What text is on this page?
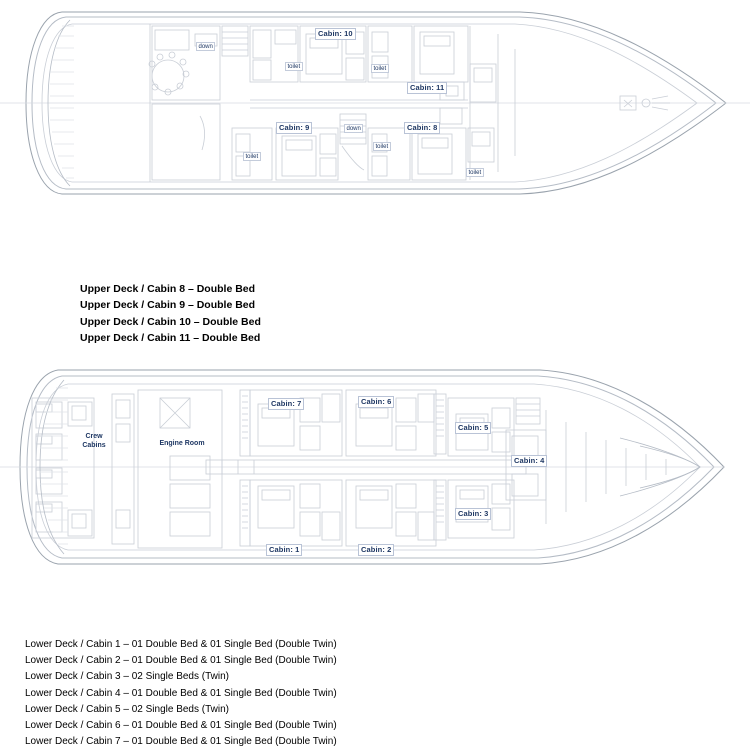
Cabin: 10
Cabin: 11
Cabin: 9	Cabin: 8
toilet	toilet
toilet
toilet
toilet
down
down
Upper Deck / Cabin 8 – Double Bed
Upper Deck / Cabin 9 – Double Bed
Upper Deck / Cabin 10 – Double Bed
Upper Deck / Cabin 11 – Double Bed
Cabin: 7	Cabin: 6
Cabin: 5
Cabin: 4
Cabin: 3
Cabin: 1	Cabin: 2
Crew
Cabins	Engine Room
Lower Deck / Cabin 1 – 01 Double Bed & 01 Single Bed (Double Twin)
Lower Deck / Cabin 2 – 01 Double Bed & 01 Single Bed (Double Twin)
Lower Deck / Cabin 3 – 02 Single Beds (Twin)
Lower Deck / Cabin 4 – 01 Double Bed & 01 Single Bed (Double Twin)
Lower Deck / Cabin 5 – 02 Single Beds (Twin)
Lower Deck / Cabin 6 – 01 Double Bed & 01 Single Bed (Double Twin)
Lower Deck / Cabin 7 – 01 Double Bed & 01 Single Bed (Double Twin)
